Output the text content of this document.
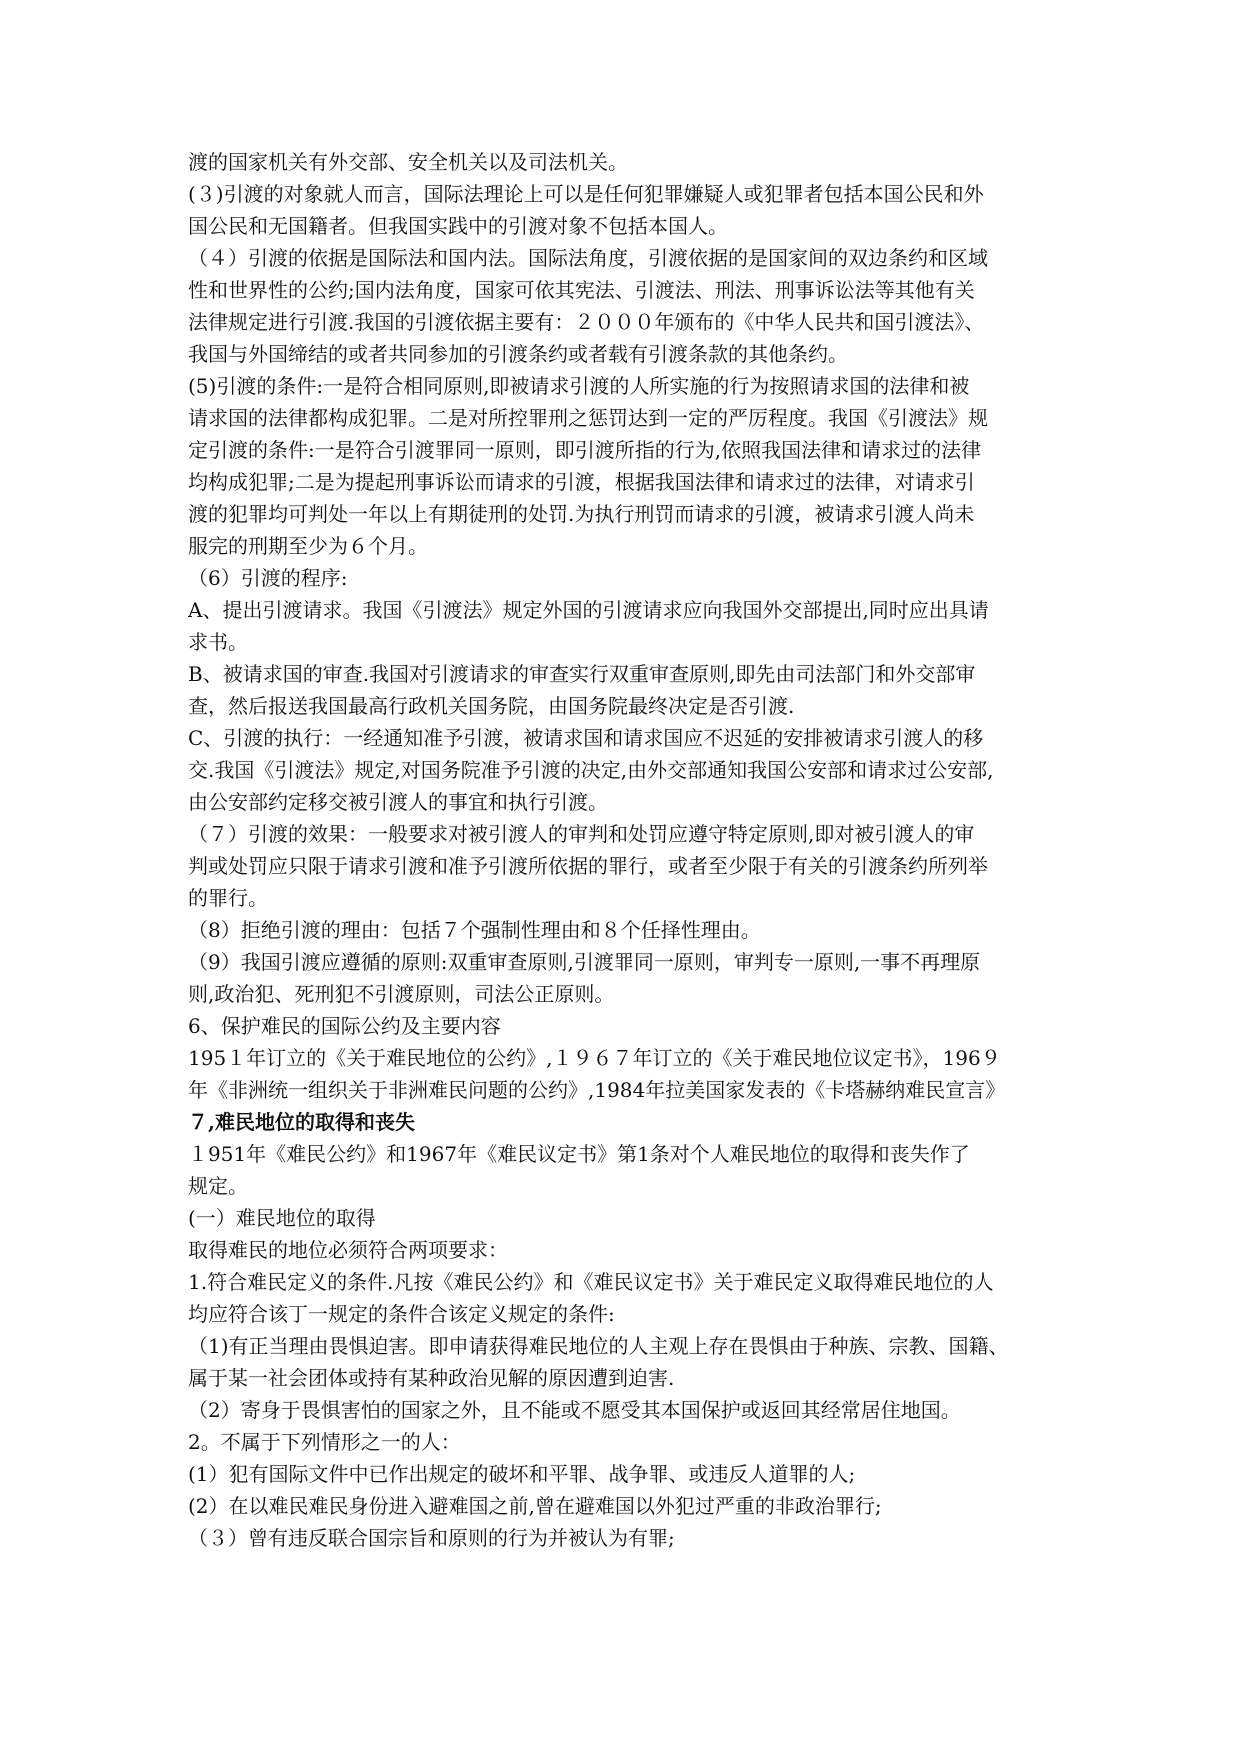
渡的国家机关有外交部、安全机关以及司法机关。
(３)引渡的对象就人而言，国际法理论上可以是任何犯罪嫌疑人或犯罪者包括本国公民和外
国公民和无国籍者。但我国实践中的引渡对象不包括本国人。
（４）引渡的依据是国际法和国内法。国际法角度，引渡依据的是国家间的双边条约和区域
性和世界性的公约;国内法角度，国家可依其宪法、引渡法、刑法、刑事诉讼法等其他有关
法律规定进行引渡.我国的引渡依据主要有：２０００年颁布的《中华人民共和国引渡法》、
我国与外国缔结的或者共同参加的引渡条约或者载有引渡条款的其他条约。
(5)引渡的条件:一是符合相同原则,即被请求引渡的人所实施的行为按照请求国的法律和被
请求国的法律都构成犯罪。二是对所控罪刑之惩罚达到一定的严厉程度。我国《引渡法》规
定引渡的条件:一是符合引渡罪同一原则，即引渡所指的行为,依照我国法律和请求过的法律
均构成犯罪;二是为提起刑事诉讼而请求的引渡，根据我国法律和请求过的法律，对请求引
渡的犯罪均可判处一年以上有期徒刑的处罚.为执行刑罚而请求的引渡，被请求引渡人尚未
服完的刑期至少为６个月。
（6）引渡的程序:
A、提出引渡请求。我国《引渡法》规定外国的引渡请求应向我国外交部提出,同时应出具请
求书。
B、被请求国的审查.我国对引渡请求的审查实行双重审查原则,即先由司法部门和外交部审
查，然后报送我国最高行政机关国务院，由国务院最终决定是否引渡.
C、引渡的执行：一经通知准予引渡，被请求国和请求国应不迟延的安排被请求引渡人的移
交.我国《引渡法》规定,对国务院准予引渡的决定,由外交部通知我国公安部和请求过公安部,
由公安部约定移交被引渡人的事宜和执行引渡。
（７）引渡的效果：一般要求对被引渡人的审判和处罚应遵守特定原则,即对被引渡人的审
判或处罚应只限于请求引渡和准予引渡所依据的罪行，或者至少限于有关的引渡条约所列举
的罪行。
（8）拒绝引渡的理由：包括７个强制性理由和８个任择性理由。
（9）我国引渡应遵循的原则:双重审查原则,引渡罪同一原则，审判专一原则,一事不再理原
则,政治犯、死刑犯不引渡原则，司法公正原则。
6、保护难民的国际公约及主要内容
195１年订立的《关于难民地位的公约》,１９６７年订立的《关于难民地位议定书》，196９
年《非洲统一组织关于非洲难民问题的公约》,1984年拉美国家发表的《卡塔赫纳难民宣言》
７,难民地位的取得和丧失
１951年《难民公约》和1967年《难民议定书》第1条对个人难民地位的取得和丧失作了
规定。
(一）难民地位的取得
取得难民的地位必须符合两项要求：
1.符合难民定义的条件.凡按《难民公约》和《难民议定书》关于难民定义取得难民地位的人
均应符合该丁一规定的条件合该定义规定的条件:
（1)有正当理由畏惧迫害。即申请获得难民地位的人主观上存在畏惧由于种族、宗教、国籍、
属于某一社会团体或持有某种政治见解的原因遭到迫害.
（2）寄身于畏惧害怕的国家之外，且不能或不愿受其本国保护或返回其经常居住地国。
2。不属于下列情形之一的人：
(1）犯有国际文件中已作出规定的破坏和平罪、战争罪、或违反人道罪的人;
(2）在以难民难民身份进入避难国之前,曾在避难国以外犯过严重的非政治罪行;
（３）曾有违反联合国宗旨和原则的行为并被认为有罪;
